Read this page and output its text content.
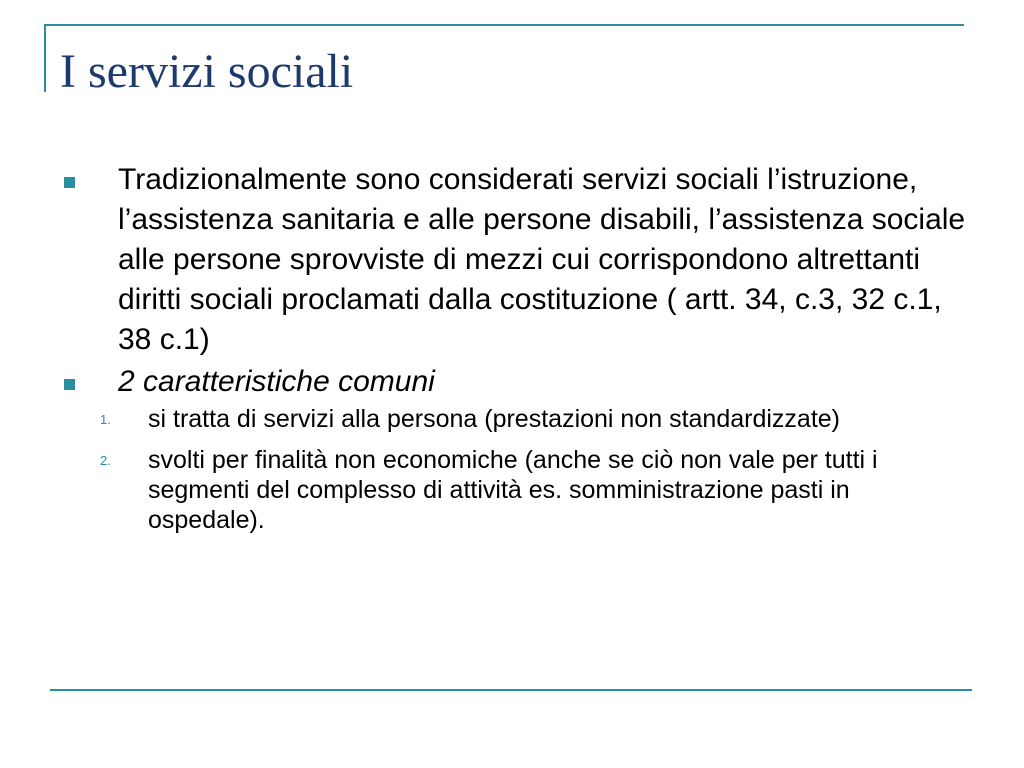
I servizi sociali
Tradizionalmente sono considerati servizi sociali l’istruzione, l’assistenza sanitaria e alle persone disabili, l’assistenza sociale alle persone sprovviste di mezzi cui corrispondono altrettanti diritti sociali proclamati dalla costituzione ( artt. 34, c.3, 32 c.1, 38 c.1)
2 caratteristiche comuni
1. si tratta di servizi alla persona (prestazioni non standardizzate)
2. svolti per finalità non economiche (anche se ciò non vale per tutti i segmenti del complesso di attività es. somministrazione pasti in ospedale).
